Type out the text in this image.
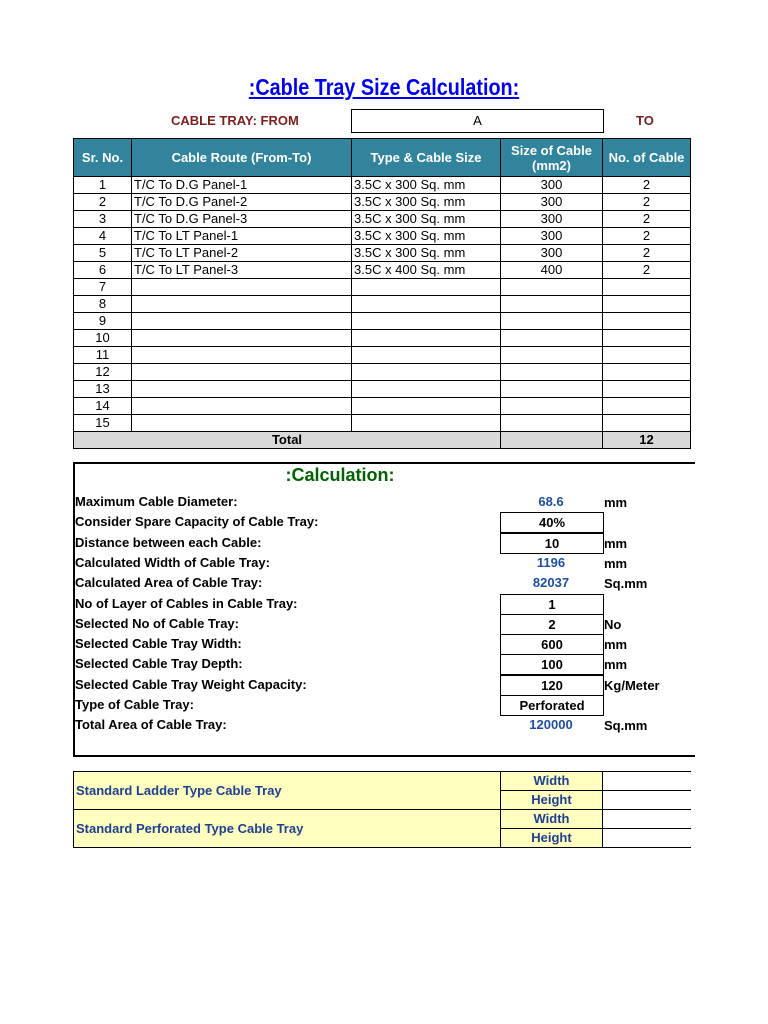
:Cable Tray Size Calculation:
CABLE TRAY: FROM	A	TO
Sr. No.	Cable Route (From-To)	Type & Cable Size	Size of Cable (mm2)	No. of Cable
1	T/C To D.G Panel-1	3.5C x 300 Sq. mm	300	2
2	T/C To D.G Panel-2	3.5C x 300 Sq. mm	300	2
3	T/C To D.G Panel-3	3.5C x 300 Sq. mm	300	2
4	T/C To LT Panel-1	3.5C x 300 Sq. mm	300	2
5	T/C To LT Panel-2	3.5C x 300 Sq. mm	300	2
6	T/C To LT Panel-3	3.5C x 400 Sq. mm	400	2
7				
8				
9				
10				
11				
12				
13				
14				
15				
Total				12
:Calculation:
Maximum Cable Diameter:	68.6	mm
Consider Spare Capacity of Cable Tray:	40%
Distance between each Cable:	10	mm
Calculated Width of Cable Tray:	1196	mm
Calculated Area of Cable Tray:	82037	Sq.mm
No of Layer of Cables in Cable Tray:	1
Selected No of Cable Tray:	2	No
Selected Cable Tray Width:	600	mm
Selected Cable Tray Depth:	100	mm
Selected Cable Tray Weight Capacity:	120	Kg/Meter
Type of Cable Tray:	Perforated
Total Area of Cable Tray:	120000	Sq.mm
Standard Ladder Type Cable Tray	Width	
	Height	
Standard Perforated Type Cable Tray	Width	
	Height	
